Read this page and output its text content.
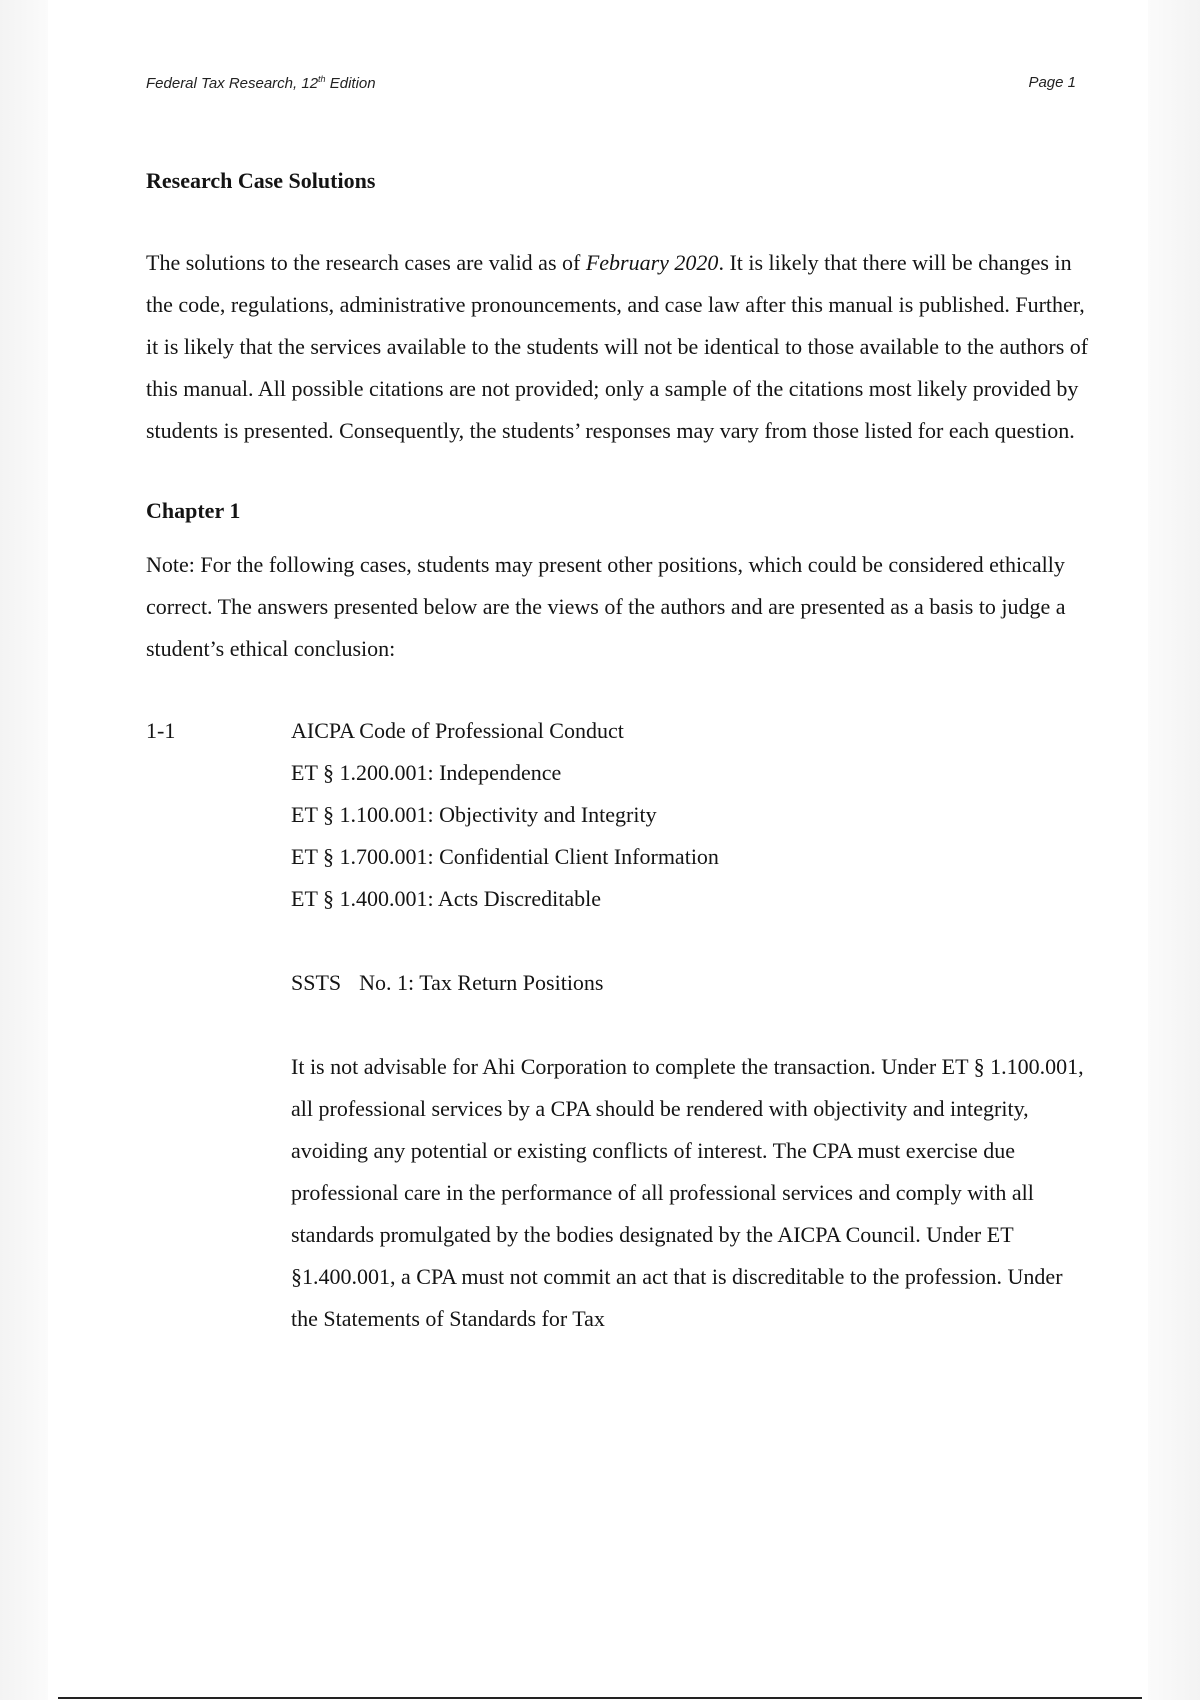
Federal Tax Research, 12th Edition	Page 1
Research Case Solutions

The solutions to the research cases are valid as of February 2020. It is likely that there will be changes in the code, regulations, administrative pronouncements, and case law after this manual is published. Further, it is likely that the services available to the students will not be identical to those available to the authors of this manual. All possible citations are not provided; only a sample of the citations most likely provided by students is presented. Consequently, the students’ responses may vary from those listed for each question.

Chapter 1

Note: For the following cases, students may present other positions, which could be considered ethically correct. The answers presented below are the views of the authors and are presented as a basis to judge a student’s ethical conclusion:

1-1	AICPA Code of Professional Conduct
ET § 1.200.001: Independence
ET § 1.100.001: Objectivity and Integrity
ET § 1.700.001: Confidential Client Information
ET § 1.400.001: Acts Discreditable
SSTS No. 1: Tax Return Positions

It is not advisable for Ahi Corporation to complete the transaction. Under ET § 1.100.001, all professional services by a CPA should be rendered with objectivity and integrity, avoiding any potential or existing conflicts of interest. The CPA must exercise due professional care in the performance of all professional services and comply with all standards promulgated by the bodies designated by the AICPA Council. Under ET §1.400.001, a CPA must not commit an act that is discreditable to the profession. Under the Statements of Standards for Tax
